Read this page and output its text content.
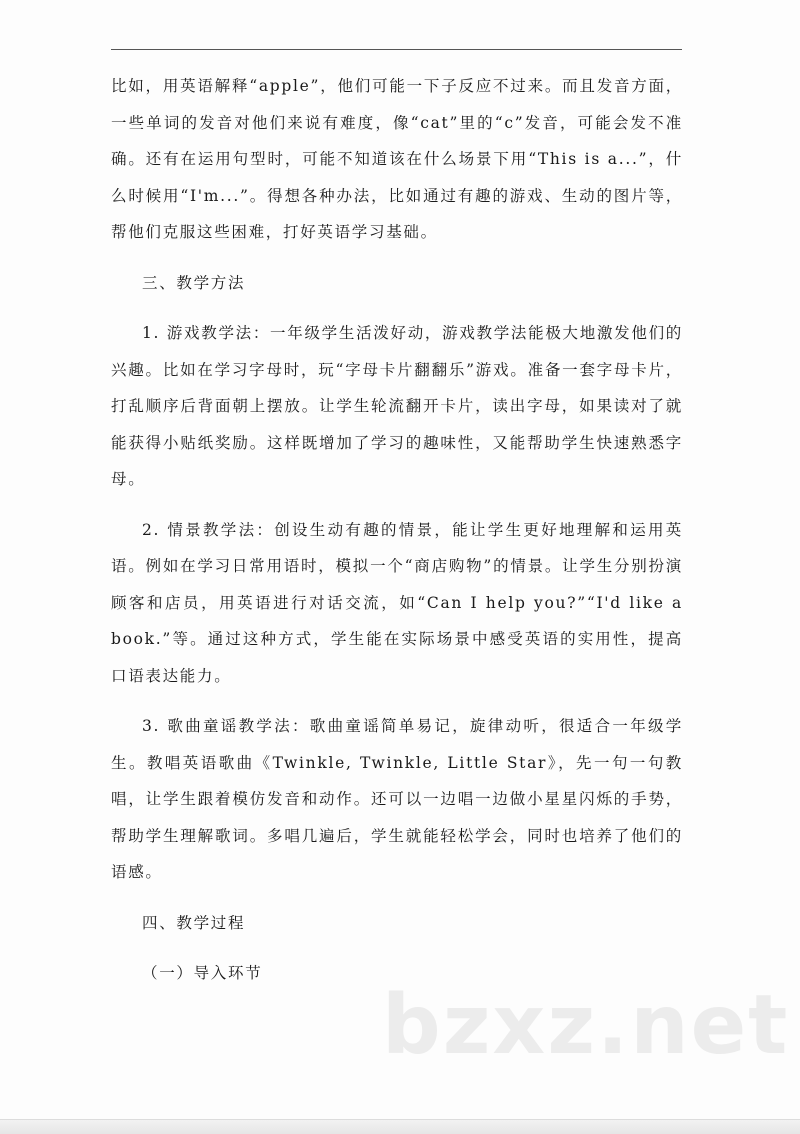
比如，用英语解释“apple”，他们可能一下子反应不过来。而且发音方面，一些单词的发音对他们来说有难度，像“cat”里的“c”发音，可能会发不准确。还有在运用句型时，可能不知道该在什么场景下用“This is a...”，什么时候用“I'm...”。得想各种办法，比如通过有趣的游戏、生动的图片等，帮他们克服这些困难，打好英语学习基础。

三、教学方法

1. 游戏教学法：一年级学生活泼好动，游戏教学法能极大地激发他们的兴趣。比如在学习字母时，玩“字母卡片翻翻乐”游戏。准备一套字母卡片，打乱顺序后背面朝上摆放。让学生轮流翻开卡片，读出字母，如果读对了就能获得小贴纸奖励。这样既增加了学习的趣味性，又能帮助学生快速熟悉字母。

2. 情景教学法：创设生动有趣的情景，能让学生更好地理解和运用英语。例如在学习日常用语时，模拟一个“商店购物”的情景。让学生分别扮演顾客和店员，用英语进行对话交流，如“Can I help you?”“I'd like a book.”等。通过这种方式，学生能在实际场景中感受英语的实用性，提高口语表达能力。

3. 歌曲童谣教学法：歌曲童谣简单易记，旋律动听，很适合一年级学生。教唱英语歌曲《Twinkle, Twinkle, Little Star》，先一句一句教唱，让学生跟着模仿发音和动作。还可以一边唱一边做小星星闪烁的手势，帮助学生理解歌词。多唱几遍后，学生就能轻松学会，同时也培养了他们的语感。

四、教学过程

（一）导入环节

bzxz.net
